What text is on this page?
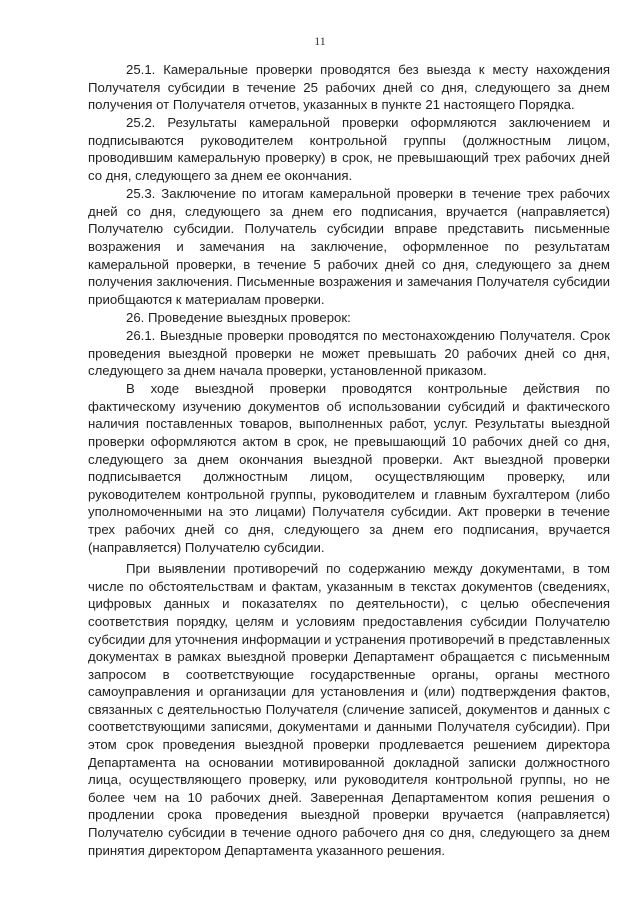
11

25.1. Камеральные проверки проводятся без выезда к месту нахождения Получателя субсидии в течение 25 рабочих дней со дня, следующего за днем получения от Получателя отчетов, указанных в пункте 21 настоящего Порядка.

25.2. Результаты камеральной проверки оформляются заключением и подписываются руководителем контрольной группы (должностным лицом, проводившим камеральную проверку) в срок, не превышающий трех рабочих дней со дня, следующего за днем ее окончания.

25.3. Заключение по итогам камеральной проверки в течение трех рабочих дней со дня, следующего за днем его подписания, вручается (направляется) Получателю субсидии. Получатель субсидии вправе представить письменные возражения и замечания на заключение, оформленное по результатам камеральной проверки, в течение 5 рабочих дней со дня, следующего за днем получения заключения. Письменные возражения и замечания Получателя субсидии приобщаются к материалам проверки.

26. Проведение выездных проверок:

26.1. Выездные проверки проводятся по местонахождению Получателя. Срок проведения выездной проверки не может превышать 20 рабочих дней со дня, следующего за днем начала проверки, установленной приказом.

В ходе выездной проверки проводятся контрольные действия по фактическому изучению документов об использовании субсидий и фактического наличия поставленных товаров, выполненных работ, услуг. Результаты выездной проверки оформляются актом в срок, не превышающий 10 рабочих дней со дня, следующего за днем окончания выездной проверки. Акт выездной проверки подписывается должностным лицом, осуществляющим проверку, или руководителем контрольной группы, руководителем и главным бухгалтером (либо уполномоченными на это лицами) Получателя субсидии. Акт проверки в течение трех рабочих дней со дня, следующего за днем его подписания, вручается (направляется) Получателю субсидии.

При выявлении противоречий по содержанию между документами, в том числе по обстоятельствам и фактам, указанным в текстах документов (сведениях, цифровых данных и показателях по деятельности), с целью обеспечения соответствия порядку, целям и условиям предоставления субсидии Получателю субсидии для уточнения информации и устранения противоречий в представленных документах в рамках выездной проверки Департамент обращается с письменным запросом в соответствующие государственные органы, органы местного самоуправления и организации для установления и (или) подтверждения фактов, связанных с деятельностью Получателя (сличение записей, документов и данных с соответствующими записями, документами и данными Получателя субсидии). При этом срок проведения выездной проверки продлевается решением директора Департамента на основании мотивированной докладной записки должностного лица, осуществляющего проверку, или руководителя контрольной группы, но не более чем на 10 рабочих дней. Заверенная Департаментом копия решения о продлении срока проведения выездной проверки вручается (направляется) Получателю субсидии в течение одного рабочего дня со дня, следующего за днем принятия директором Департамента указанного решения.
